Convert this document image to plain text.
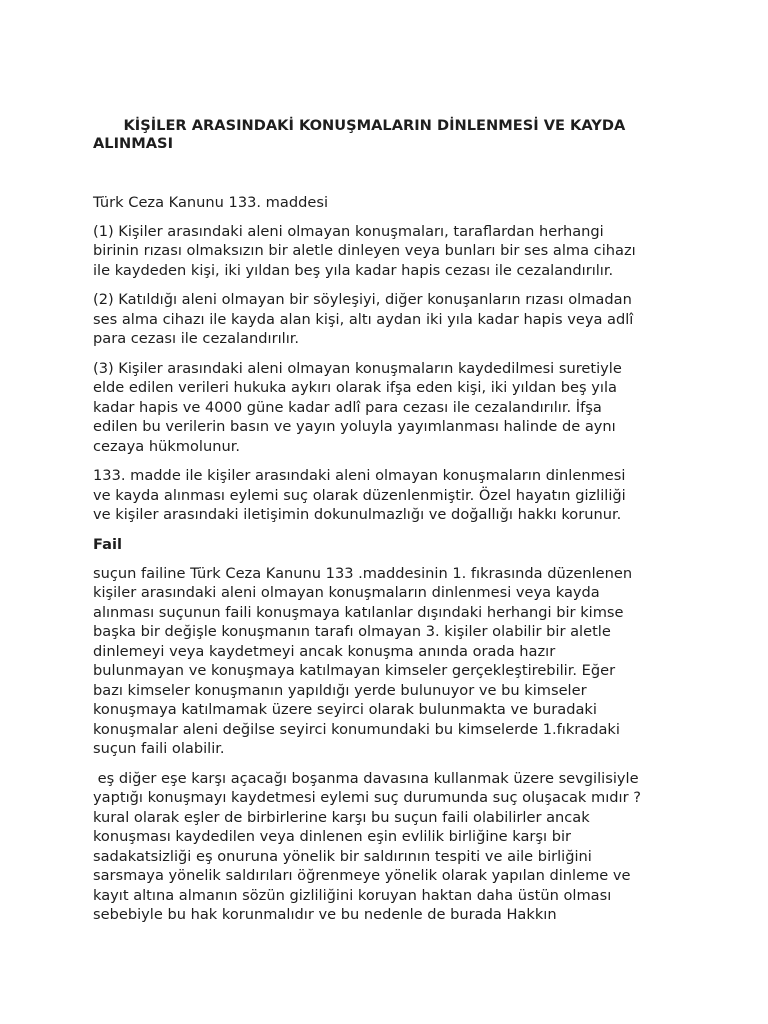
KİŞİLER ARASINDAKİ KONUŞMALARIN DİNLENMESİ VE KAYDA
ALINMASI
Türk Ceza Kanunu 133. maddesi
(1) Kişiler arasındaki aleni olmayan konuşmaları, taraflardan herhangi
birinin rızası olmaksızın bir aletle dinleyen veya bunları bir ses alma cihazı
ile kaydeden kişi, iki yıldan beş yıla kadar hapis cezası ile cezalandırılır.
(2) Katıldığı aleni olmayan bir söyleşiyi, diğer konuşanların rızası olmadan
ses alma cihazı ile kayda alan kişi, altı aydan iki yıla kadar hapis veya adlî
para cezası ile cezalandırılır.
(3) Kişiler arasındaki aleni olmayan konuşmaların kaydedilmesi suretiyle
elde edilen verileri hukuka aykırı olarak ifşa eden kişi, iki yıldan beş yıla
kadar hapis ve 4000 güne kadar adlî para cezası ile cezalandırılır. İfşa
edilen bu verilerin basın ve yayın yoluyla yayımlanması halinde de aynı
cezaya hükmolunur.
133. madde ile kişiler arasındaki aleni olmayan konuşmaların dinlenmesi
ve kayda alınması eylemi suç olarak düzenlenmiştir. Özel hayatın gizliliği
ve kişiler arasındaki iletişimin dokunulmazlığı ve doğallığı hakkı korunur.
Fail
suçun failine Türk Ceza Kanunu 133 .maddesinin 1. fıkrasında düzenlenen
kişiler arasındaki aleni olmayan konuşmaların dinlenmesi veya kayda
alınması suçunun faili konuşmaya katılanlar dışındaki herhangi bir kimse
başka bir değişle konuşmanın tarafı olmayan 3. kişiler olabilir bir aletle
dinlemeyi veya kaydetmeyi ancak konuşma anında orada hazır
bulunmayan ve konuşmaya katılmayan kimseler gerçekleştirebilir. Eğer
bazı kimseler konuşmanın yapıldığı yerde bulunuyor ve bu kimseler
konuşmaya katılmamak üzere seyirci olarak bulunmakta ve buradaki
konuşmalar aleni değilse seyirci konumundaki bu kimselerde 1.fıkradaki
suçun faili olabilir.
eş diğer eşe karşı açacağı boşanma davasına kullanmak üzere sevgilisiyle
yaptığı konuşmayı kaydetmesi eylemi suç durumunda suç oluşacak mıdır ?
kural olarak eşler de birbirlerine karşı bu suçun faili olabilirler ancak
konuşması kaydedilen veya dinlenen eşin evlilik birliğine karşı bir
sadakatsizliği eş onuruna yönelik bir saldırının tespiti ve aile birliğini
sarsmaya yönelik saldırıları öğrenmeye yönelik olarak yapılan dinleme ve
kayıt altına almanın sözün gizliliğini koruyan haktan daha üstün olması
sebebiyle bu hak korunmalıdır ve bu nedenle de burada Hakkın
